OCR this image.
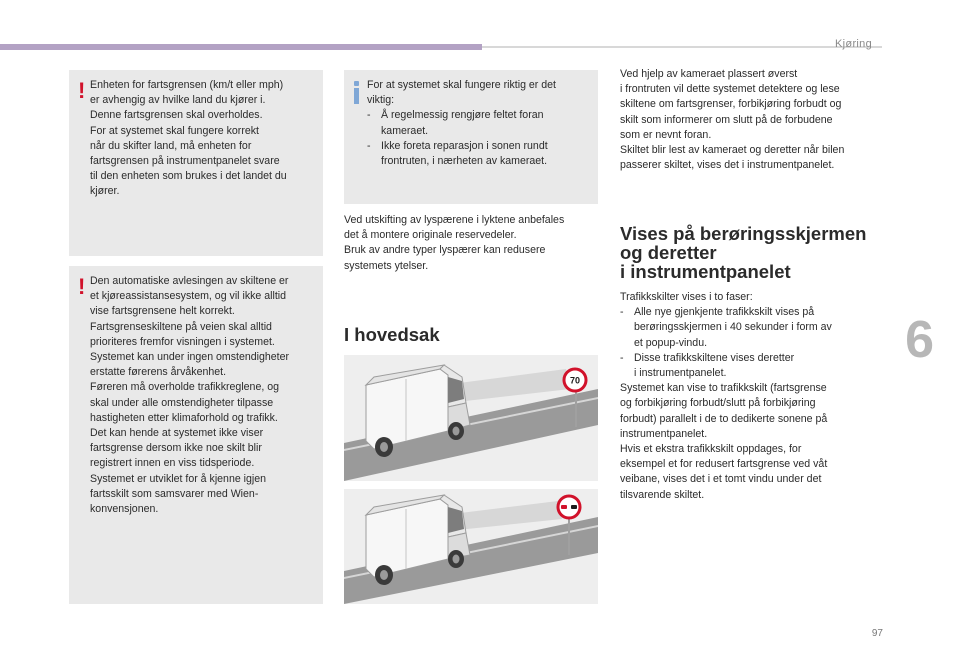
Kjøring
6
97
! Enheten for fartsgrensen (km/t eller mph)
er avhengig av hvilke land du kjører i.
Denne fartsgrensen skal overholdes.
For at systemet skal fungere korrekt
når du skifter land, må enheten for
fartsgrensen på instrumentpanelet svare
til den enheten som brukes i det landet du
kjører.
! Den automatiske avlesingen av skiltene er
et kjøreassistansesystem, og vil ikke alltid
vise fartsgrensene helt korrekt.
Fartsgrenseskiltene på veien skal alltid
prioriteres fremfor visningen i systemet.
Systemet kan under ingen omstendigheter
erstatte førerens årvåkenhet.
Føreren må overholde trafikkreglene, og
skal under alle omstendigheter tilpasse
hastigheten etter klimaforhold og trafikk.
Det kan hende at systemet ikke viser
fartsgrense dersom ikke noe skilt blir
registrert innen en viss tidsperiode.
Systemet er utviklet for å kjenne igjen
fartsskilt som samsvarer med Wien-
konvensjonen.
For at systemet skal fungere riktig er det
viktig:
- Å regelmessig rengjøre feltet foran
kameraet.
- Ikke foreta reparasjon i sonen rundt
frontruten, i nærheten av kameraet.
Ved utskifting av lyspærene i lyktene anbefales
det å montere originale reservedeler.
Bruk av andre typer lyspærer kan redusere
systemets ytelser.
I hovedsak
70
Ved hjelp av kameraet plassert øverst
i frontruten vil dette systemet detektere og lese
skiltene om fartsgrenser, forbikjøring forbudt og
skilt som informerer om slutt på de forbudene
som er nevnt foran.
Skiltet blir lest av kameraet og deretter når bilen
passerer skiltet, vises det i instrumentpanelet.
Vises på berøringsskjermen
og deretter
i instrumentpanelet
Trafikkskilter vises i to faser:
- Alle nye gjenkjente trafikkskilt vises på
berøringsskjermen i 40 sekunder i form av
et popup-vindu.
- Disse trafikkskiltene vises deretter
i instrumentpanelet.
Systemet kan vise to trafikkskilt (fartsgrense
og forbikjøring forbudt/slutt på forbikjøring
forbudt) parallelt i de to dedikerte sonene på
instrumentpanelet.
Hvis et ekstra trafikkskilt oppdages, for
eksempel et for redusert fartsgrense ved våt
veibane, vises det i et tomt vindu under det
tilsvarende skiltet.
